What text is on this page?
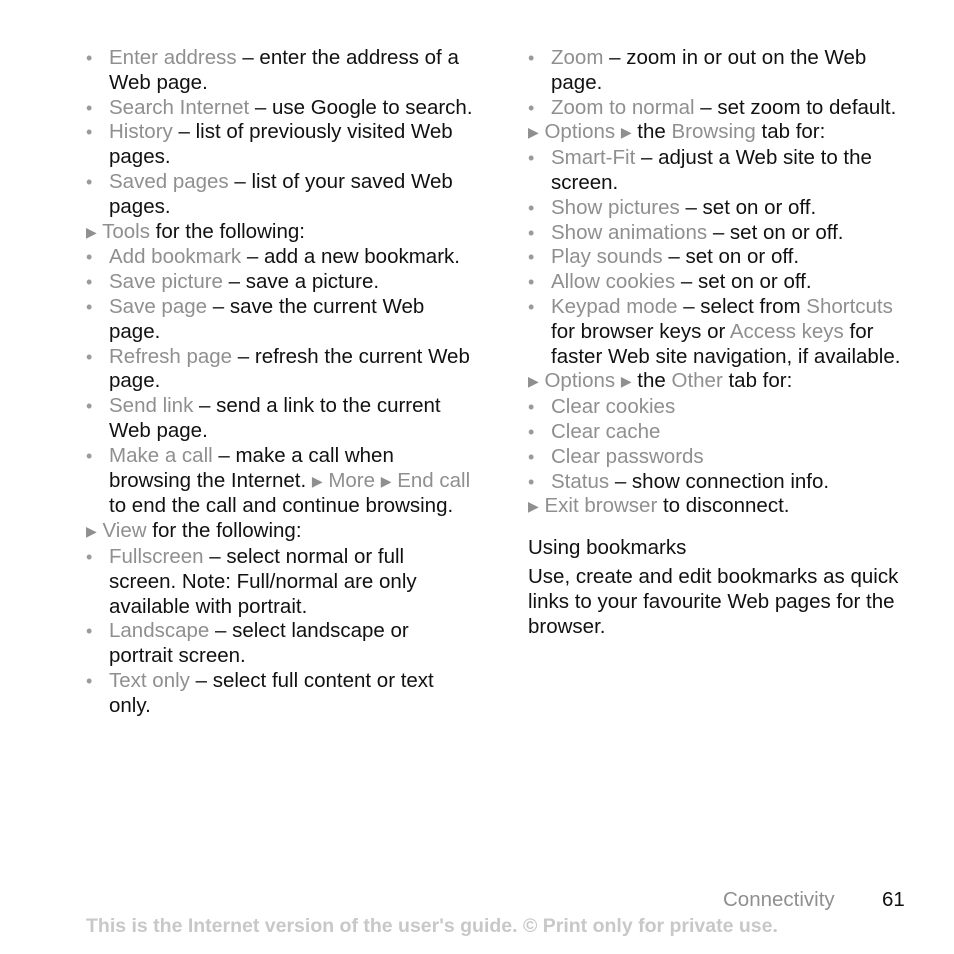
• Enter address – enter the address of a Web page.
• Search Internet – use Google to search.
• History – list of previously visited Web pages.
• Saved pages – list of your saved Web pages.

▶ Tools for the following:

• Add bookmark – add a new bookmark.
• Save picture – save a picture.
• Save page – save the current Web page.
• Refresh page – refresh the current Web page.
• Send link – send a link to the current Web page.
• Make a call – make a call when browsing the Internet. ▶ More ▶ End call to end the call and continue browsing.

▶ View for the following:

• Fullscreen – select normal or full screen. Note: Full/normal are only available with portrait.
• Landscape – select landscape or portrait screen.
• Text only – select full content or text only.
• Zoom – zoom in or out on the Web page.
• Zoom to normal – set zoom to default.

▶ Options ▶ the Browsing tab for:

• Smart-Fit – adjust a Web site to the screen.
• Show pictures – set on or off.
• Show animations – set on or off.
• Play sounds – set on or off.
• Allow cookies – set on or off.
• Keypad mode – select from Shortcuts for browser keys or Access keys for faster Web site navigation, if available.

▶ Options ▶ the Other tab for:

• Clear cookies
• Clear cache
• Clear passwords
• Status – show connection info.

▶ Exit browser to disconnect.

Using bookmarks

Use, create and edit bookmarks as quick links to your favourite Web pages for the browser.

Connectivity 61
This is the Internet version of the user's guide. © Print only for private use.
